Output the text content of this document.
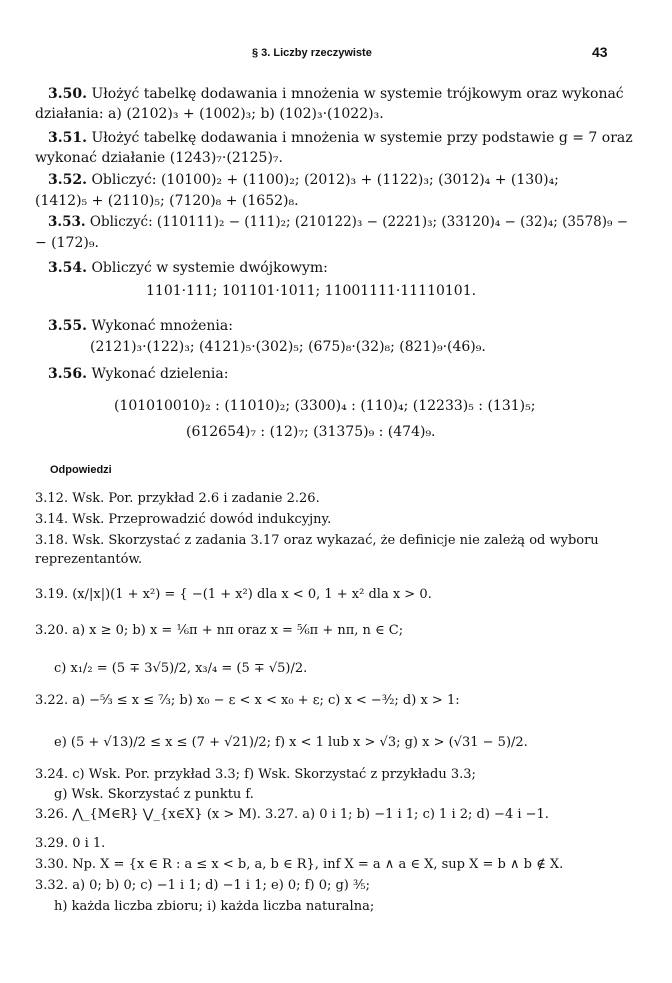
§ 3. Liczby rzeczywiste	43
3.50. Ułożyć tabelkę dodawania i mnożenia w systemie trójkowym oraz wykonać
działania: a) (2102)₃ + (1002)₃; b) (102)₃·(1022)₃.
3.51. Ułożyć tabelkę dodawania i mnożenia w systemie przy podstawie g = 7 oraz
wykonać działanie (1243)₇·(2125)₇.
3.52. Obliczyć: (10100)₂ + (1100)₂; (2012)₃ + (1122)₃; (3012)₄ + (130)₄;
(1412)₅ + (2110)₅; (7120)₈ + (1652)₈.
3.53. Obliczyć: (110111)₂ − (111)₂; (210122)₃ − (2221)₃; (33120)₄ − (32)₄; (3578)₉ −
− (172)₉.
3.54. Obliczyć w systemie dwójkowym:
1101·111; 101101·1011; 11001111·11110101.
3.55. Wykonać mnożenia:
(2121)₃·(122)₃; (4121)₅·(302)₅; (675)₈·(32)₈; (821)₉·(46)₉.
3.56. Wykonać dzielenia:
(101010010)₂ : (11010)₂; (3300)₄ : (110)₄; (12233)₅ : (131)₅;
(612654)₇ : (12)₇; (31375)₉ : (474)₉.
Odpowiedzi
3.12. Wsk. Por. przykład 2.6 i zadanie 2.26.
3.14. Wsk. Przeprowadzić dowód indukcyjny.
3.18. Wsk. Skorzystać z zadania 3.17 oraz wykazać, że definicje nie zależą od wyboru
reprezentantów.
3.19. (x/|x|)(1 + x²) = { −(1 + x²) dla x < 0, 1 + x² dla x > 0.
3.20. a) x ≥ 0; b) x = ⅙π + nπ oraz x = ⅚π + nπ, n ∈ C;
c) x₁/₂ = (5 ∓ 3√5)/2, x₃/₄ = (5 ∓ √5)/2.
3.22. a) −⁵⁄₃ ≤ x ≤ ⁷⁄₃; b) x₀ − ε < x < x₀ + ε; c) x < −³⁄₂; d) x > 1:
e) (5 + √13)/2 ≤ x ≤ (7 + √21)/2; f) x < 1 lub x > √3; g) x > (√31 − 5)/2.
3.24. c) Wsk. Por. przykład 3.3; f) Wsk. Skorzystać z przykładu 3.3;
g) Wsk. Skorzystać z punktu f.
3.26. ⋀_{M∈R} ⋁_{x∈X} (x > M). 3.27. a) 0 i 1; b) −1 i 1; c) 1 i 2; d) −4 i −1.
3.29. 0 i 1.
3.30. Np. X = {x ∈ R : a ≤ x < b, a, b ∈ R}, inf X = a ∧ a ∈ X, sup X = b ∧ b ∉ X.
3.32. a) 0; b) 0; c) −1 i 1; d) −1 i 1; e) 0; f) 0; g) ³⁄₅;
h) każda liczba zbioru; i) każda liczba naturalna;
